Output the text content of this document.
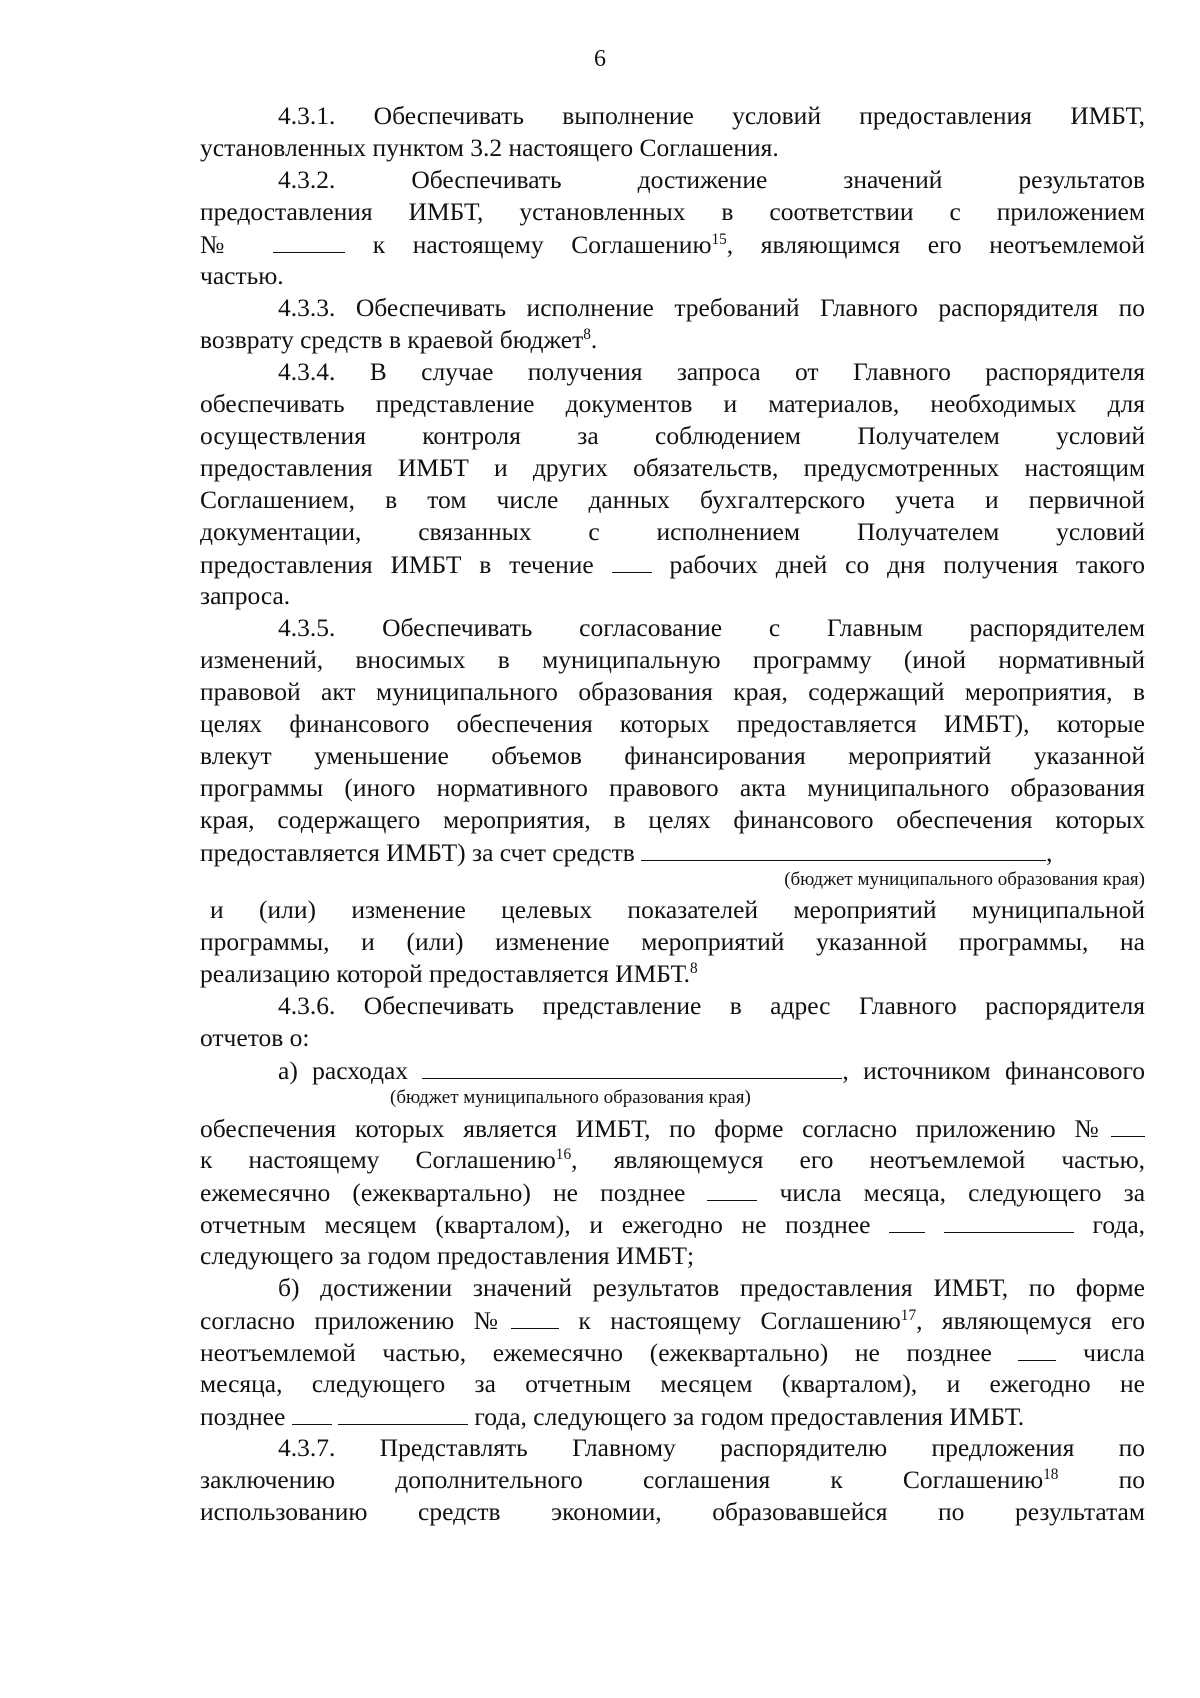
6
4.3.1. Обеспечивать выполнение условий предоставления ИМБТ,
установленных пунктом 3.2 настоящего Соглашения.
4.3.2. Обеспечивать достижение значений результатов
предоставления ИМБТ, установленных в соответствии с приложением
№	к настоящему Соглашению$^{15}$, являющимся его неотъемлемой
частью.
4.3.3. Обеспечивать исполнение требований Главного распорядителя по
возврату средств в краевой бюджет$^8$.
4.3.4. В случае получения запроса от Главного распорядителя
обеспечивать представление документов и материалов, необходимых для
осуществления контроля за соблюдением Получателем условий
предоставления ИМБТ и других обязательств, предусмотренных настоящим
Соглашением, в том числе данных бухгалтерского учета и первичной
документации, связанных с исполнением Получателем условий
предоставления ИМБТ в течение	рабочих дней со дня получения такого
запроса.
4.3.5. Обеспечивать согласование с Главным распорядителем
изменений, вносимых в муниципальную программу (иной нормативный
правовой акт муниципального образования края, содержащий мероприятия, в
целях финансового обеспечения которых предоставляется ИМБТ), которые
влекут уменьшение объемов финансирования мероприятий указанной
программы (иного нормативного правового акта муниципального образования
края, содержащего мероприятия, в целях финансового обеспечения которых
предоставляется ИМБТ) за счет средств	,
(бюджет муниципального образования края)
и (или) изменение целевых показателей мероприятий муниципальной
программы, и (или) изменение мероприятий указанной программы, на
реализацию которой предоставляется ИМБТ.$^8$
4.3.6. Обеспечивать представление в адрес Главного распорядителя
отчетов о:
а) расходах	, источником финансового
(бюджет муниципального образования края)
обеспечения которых является ИМБТ, по форме согласно приложению №
к настоящему Соглашению$^{16}$, являющемуся его неотъемлемой частью,
ежемесячно (ежеквартально) не позднее	числа месяца, следующего за
отчетным месяцем (кварталом), и ежегодно не позднее	года,
следующего за годом предоставления ИМБТ;
б) достижении значений результатов предоставления ИМБТ, по форме
согласно приложению №	к настоящему Соглашению$^{17}$, являющемуся его
неотъемлемой частью, ежемесячно (ежеквартально) не позднее	числа
месяца, следующего за отчетным месяцем (кварталом), и ежегодно не
позднее	года, следующего за годом предоставления ИМБТ.
4.3.7. Представлять Главному распорядителю предложения по
заключению дополнительного соглашения к Соглашению$^{18}$ по
использованию средств экономии, образовавшейся по результатам
